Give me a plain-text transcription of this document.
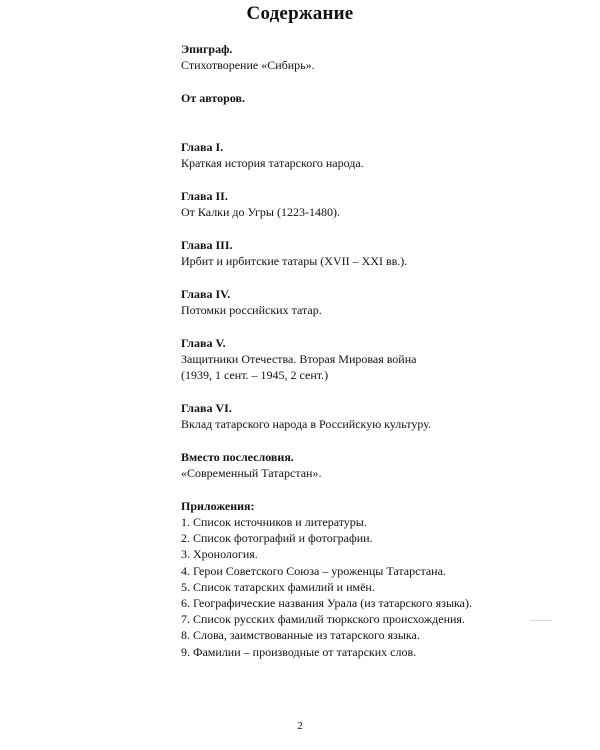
Содержание
Эпиграф.
Стихотворение «Сибирь».
От авторов.
Глава I.
Краткая история татарского народа.
Глава II.
От Калки до Угры (1223-1480).
Глава III.
Ирбит и ирбитские татары (XVII – XXI вв.).
Глава IV.
Потомки российских татар.
Глава V.
Защитники Отечества. Вторая Мировая война
(1939, 1 сент. – 1945, 2 сент.)
Глава VI.
Вклад татарского народа в Российскую культуру.
Вместо послесловия.
«Современный Татарстан».
Приложения:
1. Список источников и литературы.
2. Список фотографий и фотографии.
3. Хронология.
4. Герои Советского Союза – уроженцы Татарстана.
5. Список татарских фамилий и имён.
6. Географические названия Урала (из татарского языка).
7. Список русских фамилий тюркского происхождения.
8. Слова, заимствованные из татарского языка.
9. Фамилии – производные от татарских слов.
2
